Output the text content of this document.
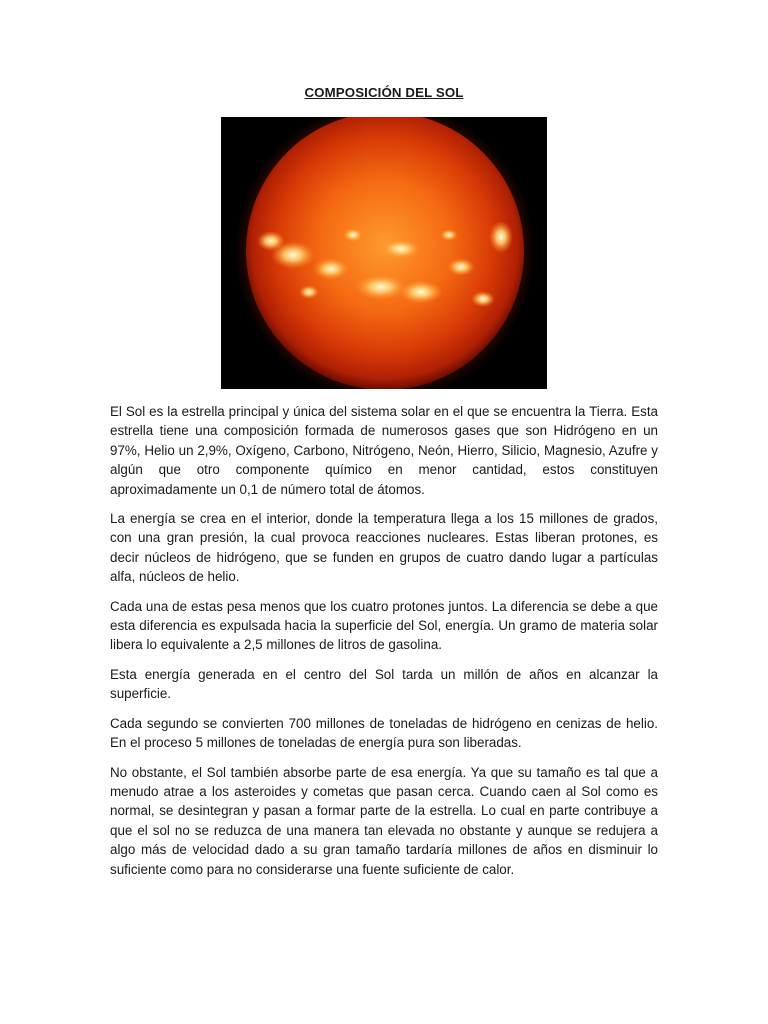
COMPOSICIÓN DEL SOL

El Sol es la estrella principal y única del sistema solar en el que se encuentra la Tierra. Esta estrella tiene una composición formada de numerosos gases que son Hidrógeno en un 97%, Helio un 2,9%, Oxígeno, Carbono, Nitrógeno, Neón, Hierro, Silicio, Magnesio, Azufre y algún que otro componente químico en menor cantidad, estos constituyen aproximadamente un 0,1 de número total de átomos.

La energía se crea en el interior, donde la temperatura llega a los 15 millones de grados, con una gran presión, la cual provoca reacciones nucleares. Estas liberan protones, es decir núcleos de hidrógeno, que se funden en grupos de cuatro dando lugar a partículas alfa, núcleos de helio.

Cada una de estas pesa menos que los cuatro protones juntos. La diferencia se debe a que esta diferencia es expulsada hacia la superficie del Sol, energía. Un gramo de materia solar libera lo equivalente a 2,5 millones de litros de gasolina.

Esta energía generada en el centro del Sol tarda un millón de años en alcanzar la superficie.

Cada segundo se convierten 700 millones de toneladas de hidrógeno en cenizas de helio. En el proceso 5 millones de toneladas de energía pura son liberadas.

No obstante, el Sol también absorbe parte de esa energía. Ya que su tamaño es tal que a menudo atrae a los asteroides y cometas que pasan cerca. Cuando caen al Sol como es normal, se desintegran y pasan a formar parte de la estrella. Lo cual en parte contribuye a que el sol no se reduzca de una manera tan elevada no obstante y aunque se redujera a algo más de velocidad dado a su gran tamaño tardaría millones de años en disminuir lo suficiente como para no considerarse una fuente suficiente de calor.
